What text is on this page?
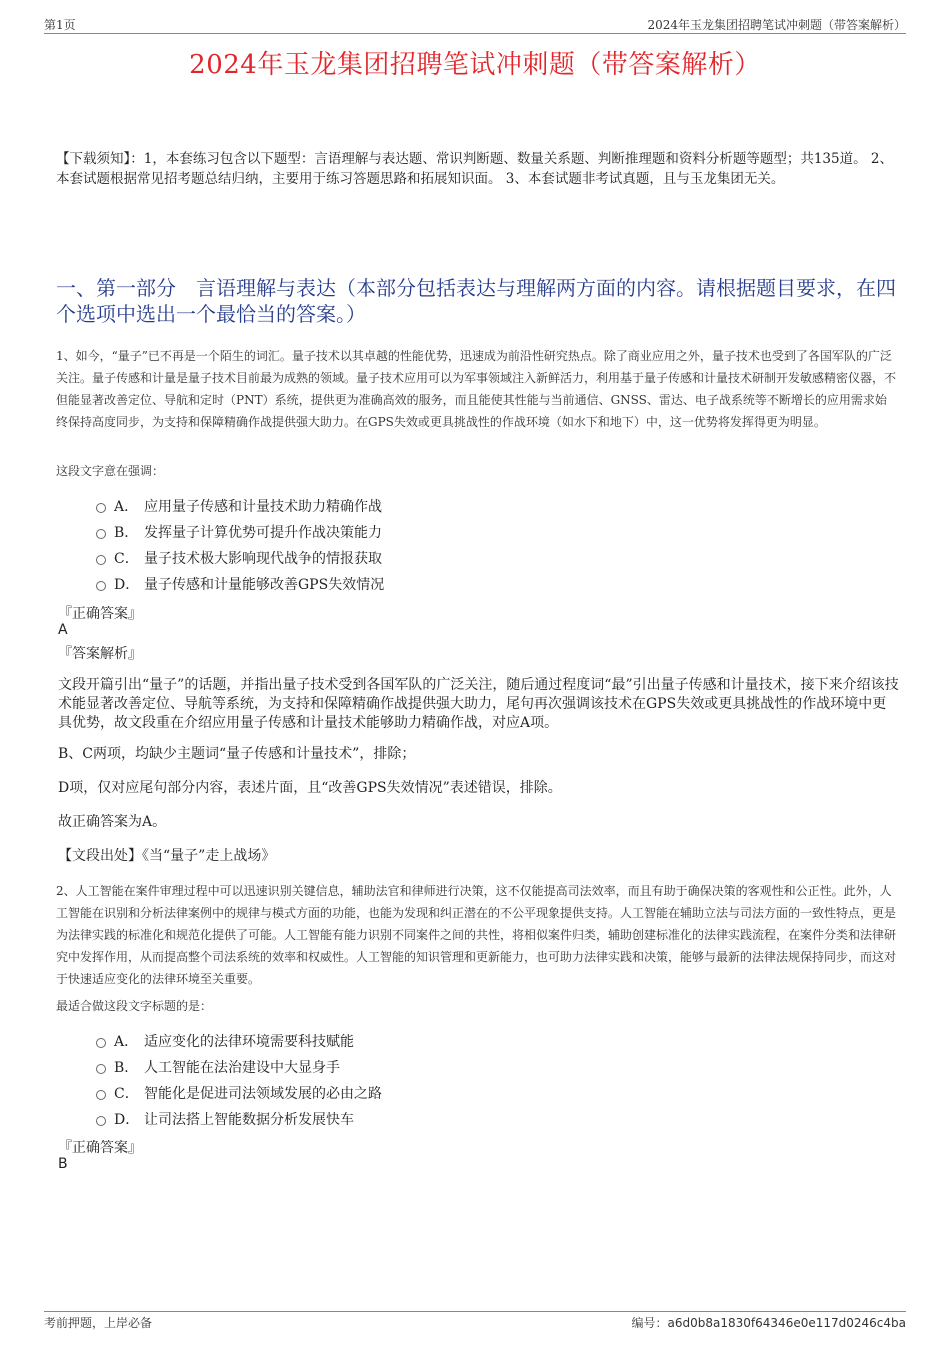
第1页	2024年玉龙集团招聘笔试冲刺题（带答案解析）
2024年玉龙集团招聘笔试冲刺题（带答案解析）
【下载须知】：1，本套练习包含以下题型：言语理解与表达题、常识判断题、数量关系题、判断推理题和资料分析题等题型；共135道。 2、本套试题根据常见招考题总结归纳，主要用于练习答题思路和拓展知识面。 3、本套试题非考试真题，且与玉龙集团无关。
一、第一部分　言语理解与表达（本部分包括表达与理解两方面的内容。请根据题目要求，在四个选项中选出一个最恰当的答案。）
1、如今，“量子”已不再是一个陌生的词汇。量子技术以其卓越的性能优势，迅速成为前沿性研究热点。除了商业应用之外，量子技术也受到了各国军队的广泛关注。量子传感和计量是量子技术目前最为成熟的领域。量子技术应用可以为军事领域注入新鲜活力，利用基于量子传感和计量技术研制开发敏感精密仪器，不但能显著改善定位、导航和定时（PNT）系统，提供更为准确高效的服务，而且能使其性能与当前通信、GNSS、雷达、电子战系统等不断增长的应用需求始终保持高度同步，为支持和保障精确作战提供强大助力。在GPS失效或更具挑战性的作战环境（如水下和地下）中，这一优势将发挥得更为明显。
这段文字意在强调：
A． 应用量子传感和计量技术助力精确作战
B． 发挥量子计算优势可提升作战决策能力
C． 量子技术极大影响现代战争的情报获取
D． 量子传感和计量能够改善GPS失效情况
『正确答案』
A
『答案解析』
文段开篇引出“量子”的话题，并指出量子技术受到各国军队的广泛关注，随后通过程度词“最”引出量子传感和计量技术，接下来介绍该技术能显著改善定位、导航等系统，为支持和保障精确作战提供强大助力，尾句再次强调该技术在GPS失效或更具挑战性的作战环境中更具优势，故文段重在介绍应用量子传感和计量技术能够助力精确作战，对应A项。
B、C两项，均缺少主题词“量子传感和计量技术”，排除；
D项，仅对应尾句部分内容，表述片面，且“改善GPS失效情况”表述错误，排除。
故正确答案为A。
【文段出处】《当“量子”走上战场》
2、人工智能在案件审理过程中可以迅速识别关键信息，辅助法官和律师进行决策，这不仅能提高司法效率，而且有助于确保决策的客观性和公正性。此外，人工智能在识别和分析法律案例中的规律与模式方面的功能，也能为发现和纠正潜在的不公平现象提供支持。人工智能在辅助立法与司法方面的一致性特点，更是为法律实践的标准化和规范化提供了可能。人工智能有能力识别不同案件之间的共性，将相似案件归类，辅助创建标准化的法律实践流程，在案件分类和法律研究中发挥作用，从而提高整个司法系统的效率和权威性。人工智能的知识管理和更新能力，也可助力法律实践和决策，能够与最新的法律法规保持同步，而这对于快速适应变化的法律环境至关重要。
最适合做这段文字标题的是：
A． 适应变化的法律环境需要科技赋能
B． 人工智能在法治建设中大显身手
C． 智能化是促进司法领域发展的必由之路
D． 让司法搭上智能数据分析发展快车
『正确答案』
B
考前押题，上岸必备	编号：a6d0b8a1830f64346e0e117d0246c4ba
